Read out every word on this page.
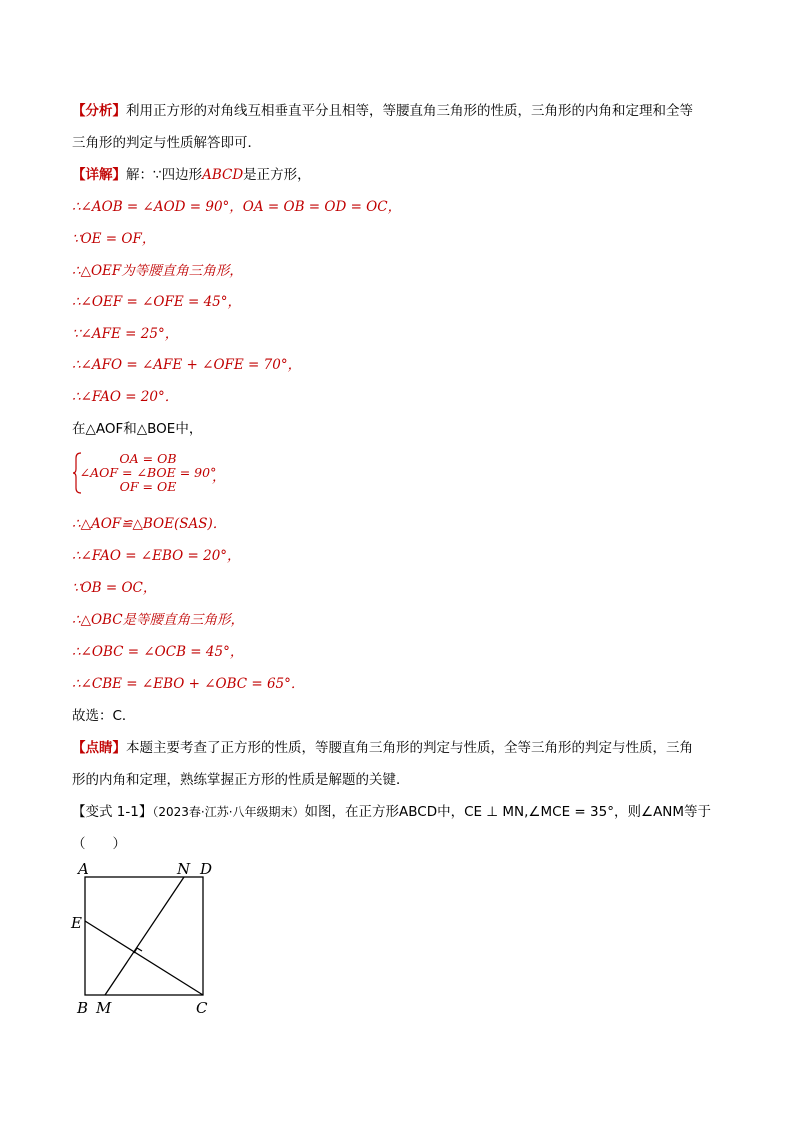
【分析】利用正方形的对角线互相垂直平分且相等，等腰直角三角形的性质，三角形的内角和定理和全等
三角形的判定与性质解答即可．
【详解】解：∵四边形ABCD是正方形，
∴∠AOB = ∠AOD = 90°，OA = OB = OD = OC，
∵OE = OF，
∴△OEF为等腰直角三角形，
∴∠OEF = ∠OFE = 45°，
∵∠AFE = 25°，
∴∠AFO = ∠AFE + ∠OFE = 70°，
∴∠FAO = 20°．
在△AOF和△BOE中，
OA = OB
∠AOF = ∠BOE = 90°
OF = OE
，
∴△AOF≌△BOE(SAS)．
∴∠FAO = ∠EBO = 20°，
∵OB = OC，
∴△OBC是等腰直角三角形，
∴∠OBC = ∠OCB = 45°，
∴∠CBE = ∠EBO + ∠OBC = 65°．
故选：C．
【点睛】本题主要考查了正方形的性质，等腰直角三角形的判定与性质，全等三角形的判定与性质，三角
形的内角和定理，熟练掌握正方形的性质是解题的关键．
【变式 1-1】（2023春·江苏·八年级期末）如图，在正方形ABCD中，CE ⊥ MN,∠MCE = 35°，则∠ANM等于
（　　）
A	N D
E
B M	C
